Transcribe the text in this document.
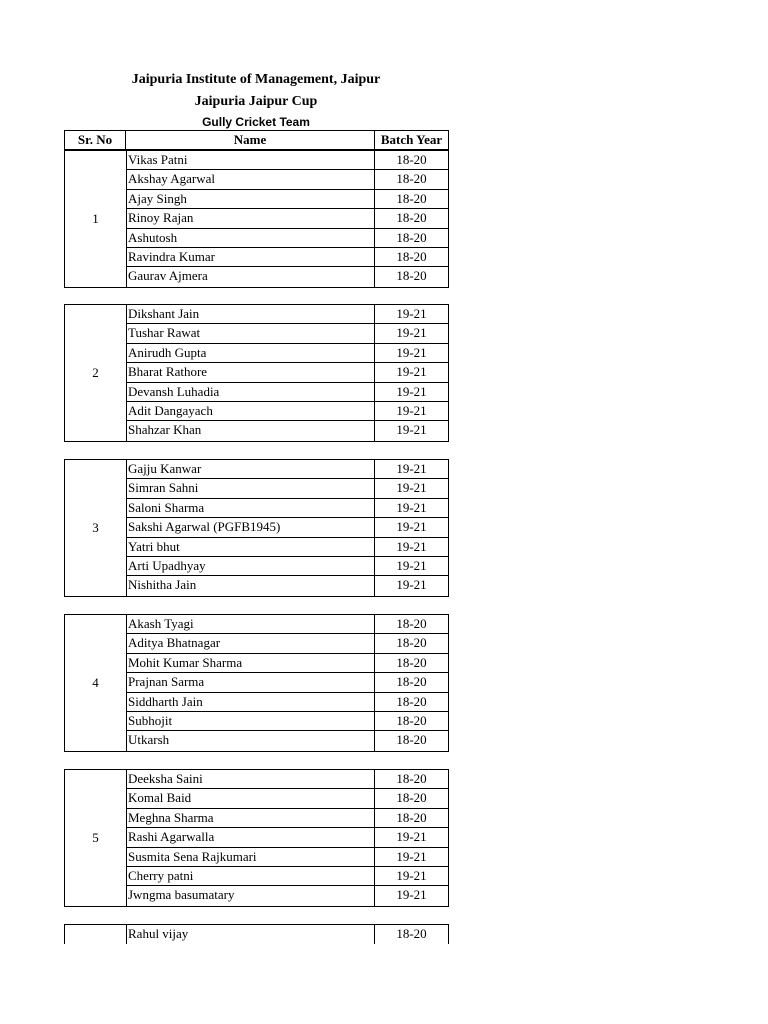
Jaipuria Institute of Management, Jaipur
Jaipuria Jaipur Cup
Gully Cricket Team
Sr. No	Name	Batch Year
1
Vikas Patni	18-20
Akshay Agarwal	18-20
Ajay Singh	18-20
Rinoy Rajan	18-20
Ashutosh	18-20
Ravindra Kumar	18-20
Gaurav Ajmera	18-20
2
Dikshant Jain	19-21
Tushar Rawat	19-21
Anirudh Gupta	19-21
Bharat Rathore	19-21
Devansh Luhadia	19-21
Adit Dangayach	19-21
Shahzar Khan	19-21
3
Gajju Kanwar	19-21
Simran Sahni	19-21
Saloni Sharma	19-21
Sakshi Agarwal (PGFB1945)	19-21
Yatri bhut	19-21
Arti Upadhyay	19-21
Nishitha Jain	19-21
4
Akash Tyagi	18-20
Aditya Bhatnagar	18-20
Mohit Kumar Sharma	18-20
Prajnan Sarma	18-20
Siddharth Jain	18-20
Subhojit	18-20
Utkarsh	18-20
5
Deeksha Saini	18-20
Komal Baid	18-20
Meghna Sharma	18-20
Rashi Agarwalla	19-21
Susmita Sena Rajkumari	19-21
Cherry patni	19-21
Jwngma basumatary	19-21
Rahul vijay	18-20
